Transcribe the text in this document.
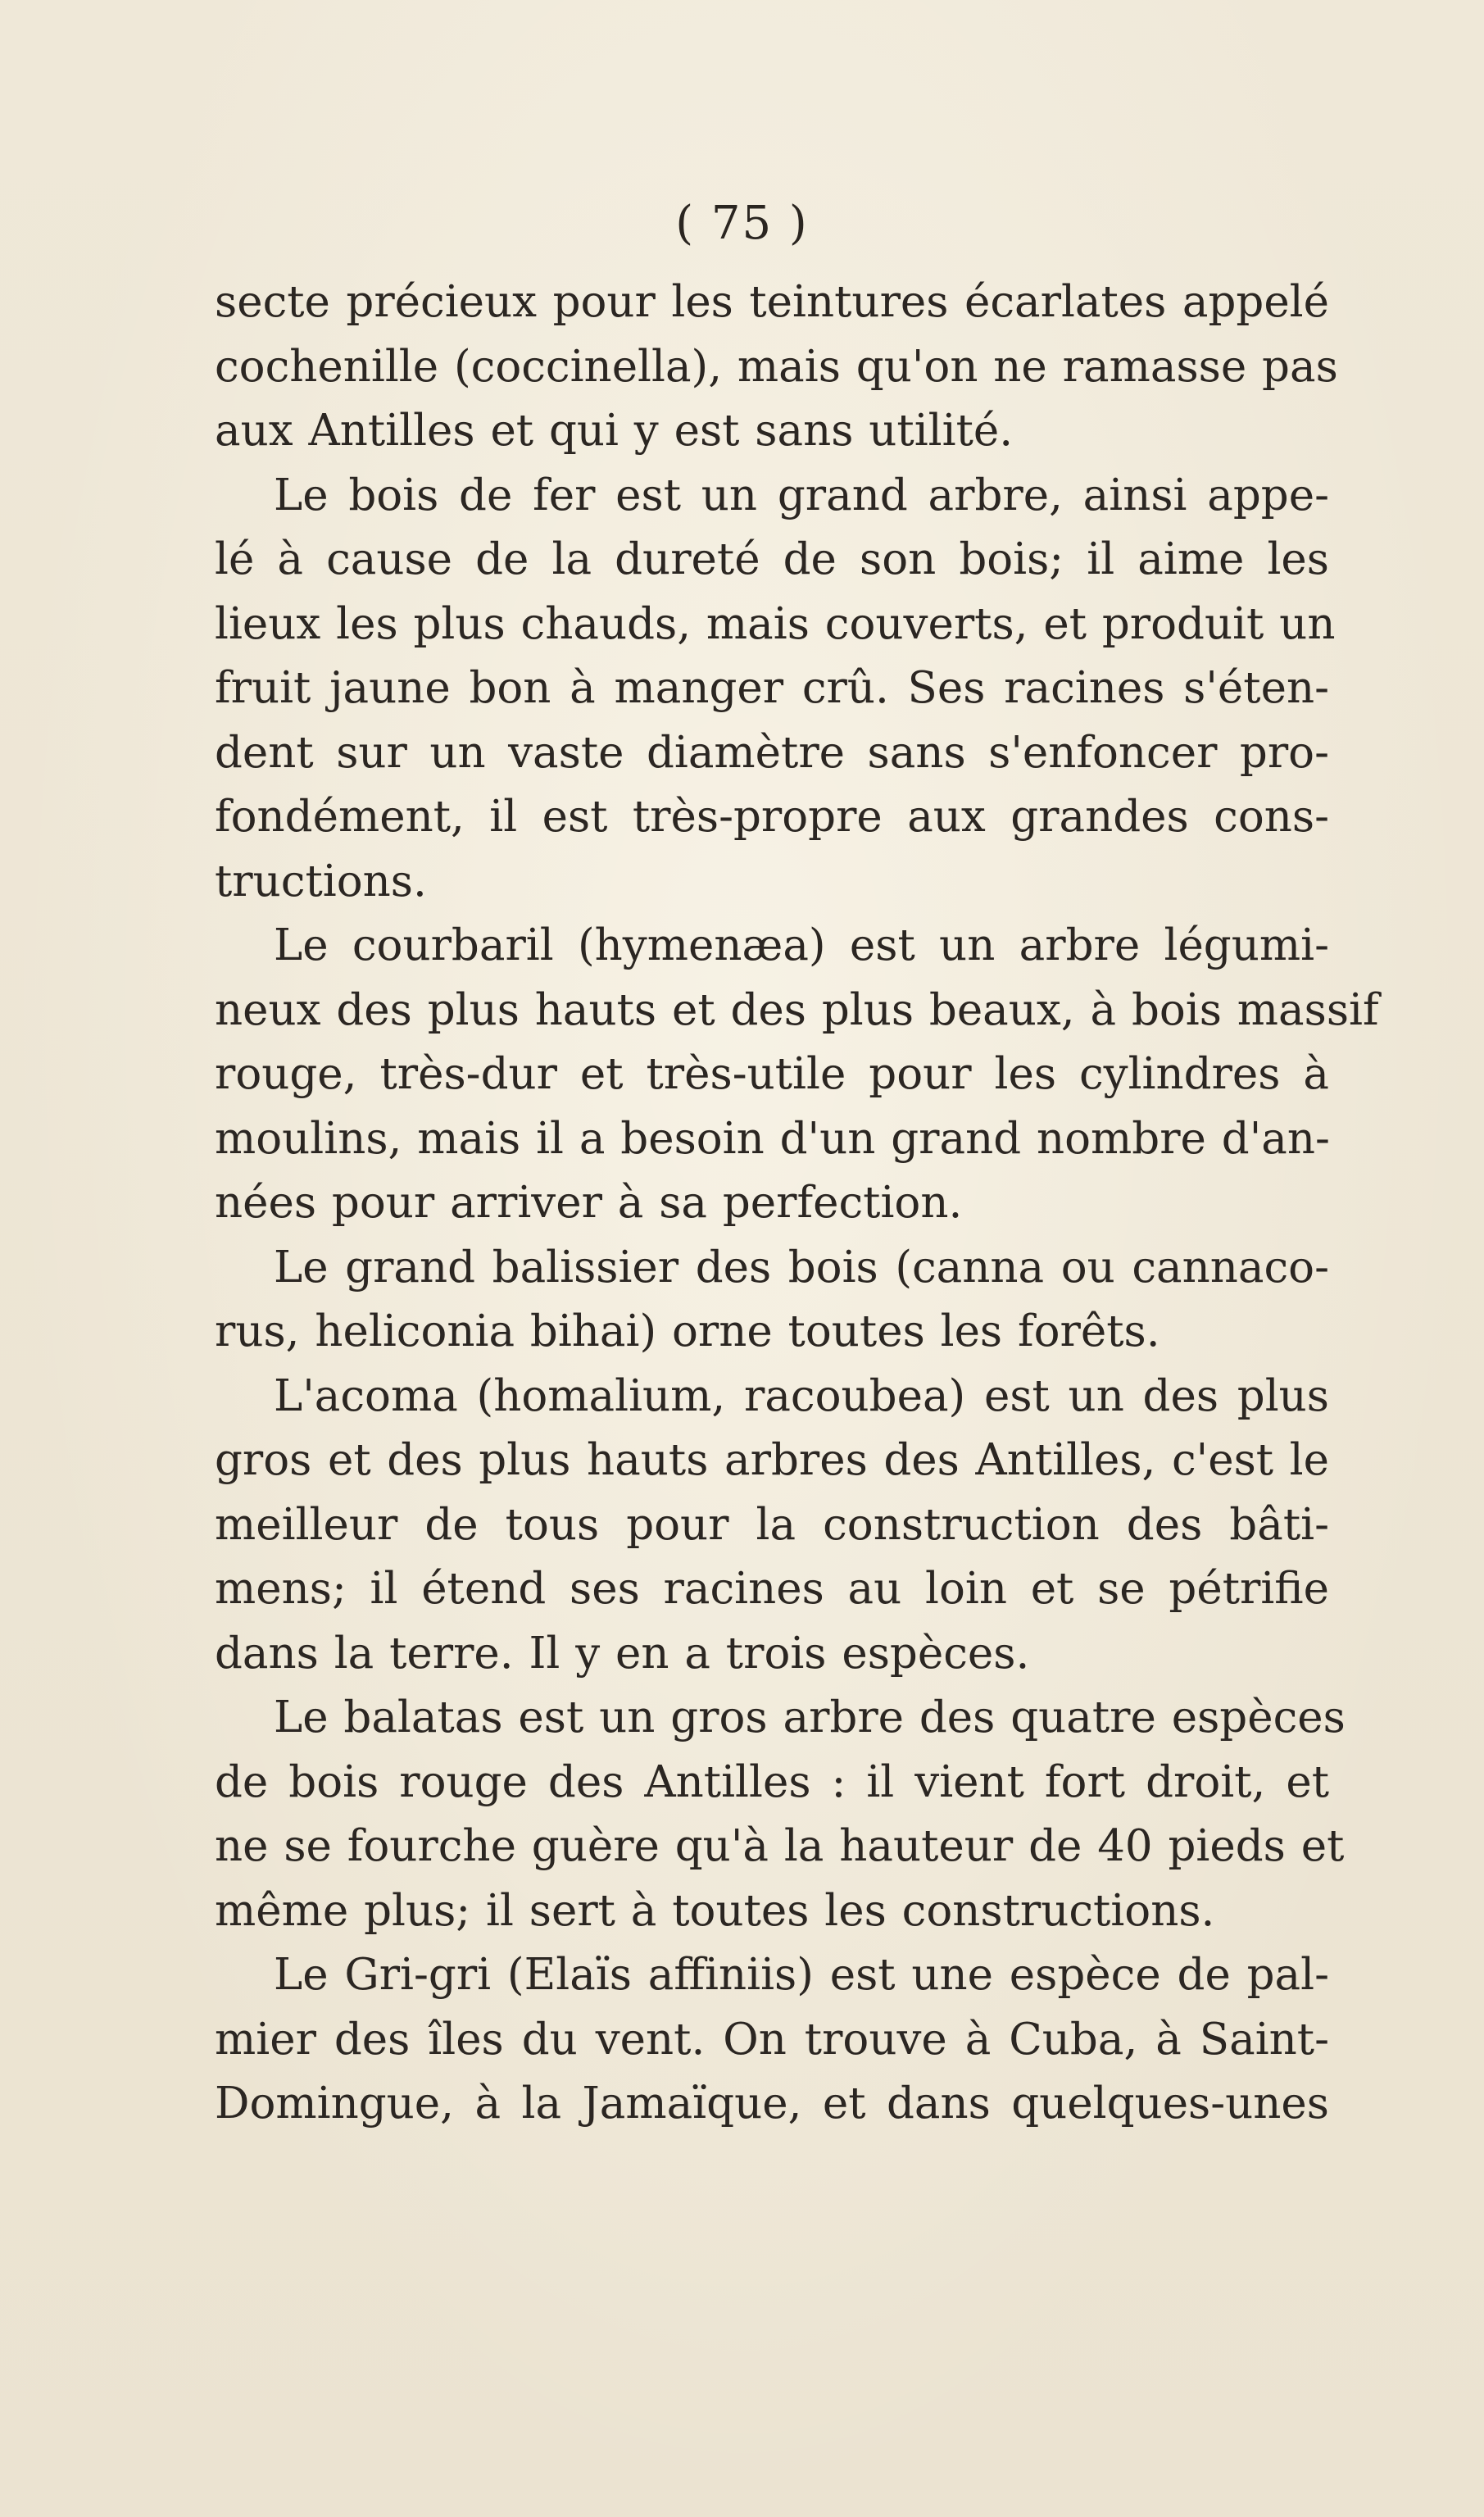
( 75 )
secte précieux pour les teintures écarlates appelé
cochenille (coccinella), mais qu'on ne ramasse pas
aux Antilles et qui y est sans utilité.
Le bois de fer est un grand arbre, ainsi appe-
lé à cause de la dureté de son bois; il aime les
lieux les plus chauds, mais couverts, et produit un
fruit jaune bon à manger crû. Ses racines s'éten-
dent sur un vaste diamètre sans s'enfoncer pro-
fondément, il est très-propre aux grandes cons-
tructions.
Le courbaril (hymenæa) est un arbre légumi-
neux des plus hauts et des plus beaux, à bois massif
rouge, très-dur et très-utile pour les cylindres à
moulins, mais il a besoin d'un grand nombre d'an-
nées pour arriver à sa perfection.
Le grand balissier des bois (canna ou cannaco-
rus, heliconia bihai) orne toutes les forêts.
L'acoma (homalium, racoubea) est un des plus
gros et des plus hauts arbres des Antilles, c'est le
meilleur de tous pour la construction des bâti-
mens; il étend ses racines au loin et se pétrifie
dans la terre. Il y en a trois espèces.
Le balatas est un gros arbre des quatre espèces
de bois rouge des Antilles : il vient fort droit, et
ne se fourche guère qu'à la hauteur de 40 pieds et
même plus; il sert à toutes les constructions.
Le Gri-gri (Elaïs affiniis) est une espèce de pal-
mier des îles du vent. On trouve à Cuba, à Saint-
Domingue, à la Jamaïque, et dans quelques-unes
